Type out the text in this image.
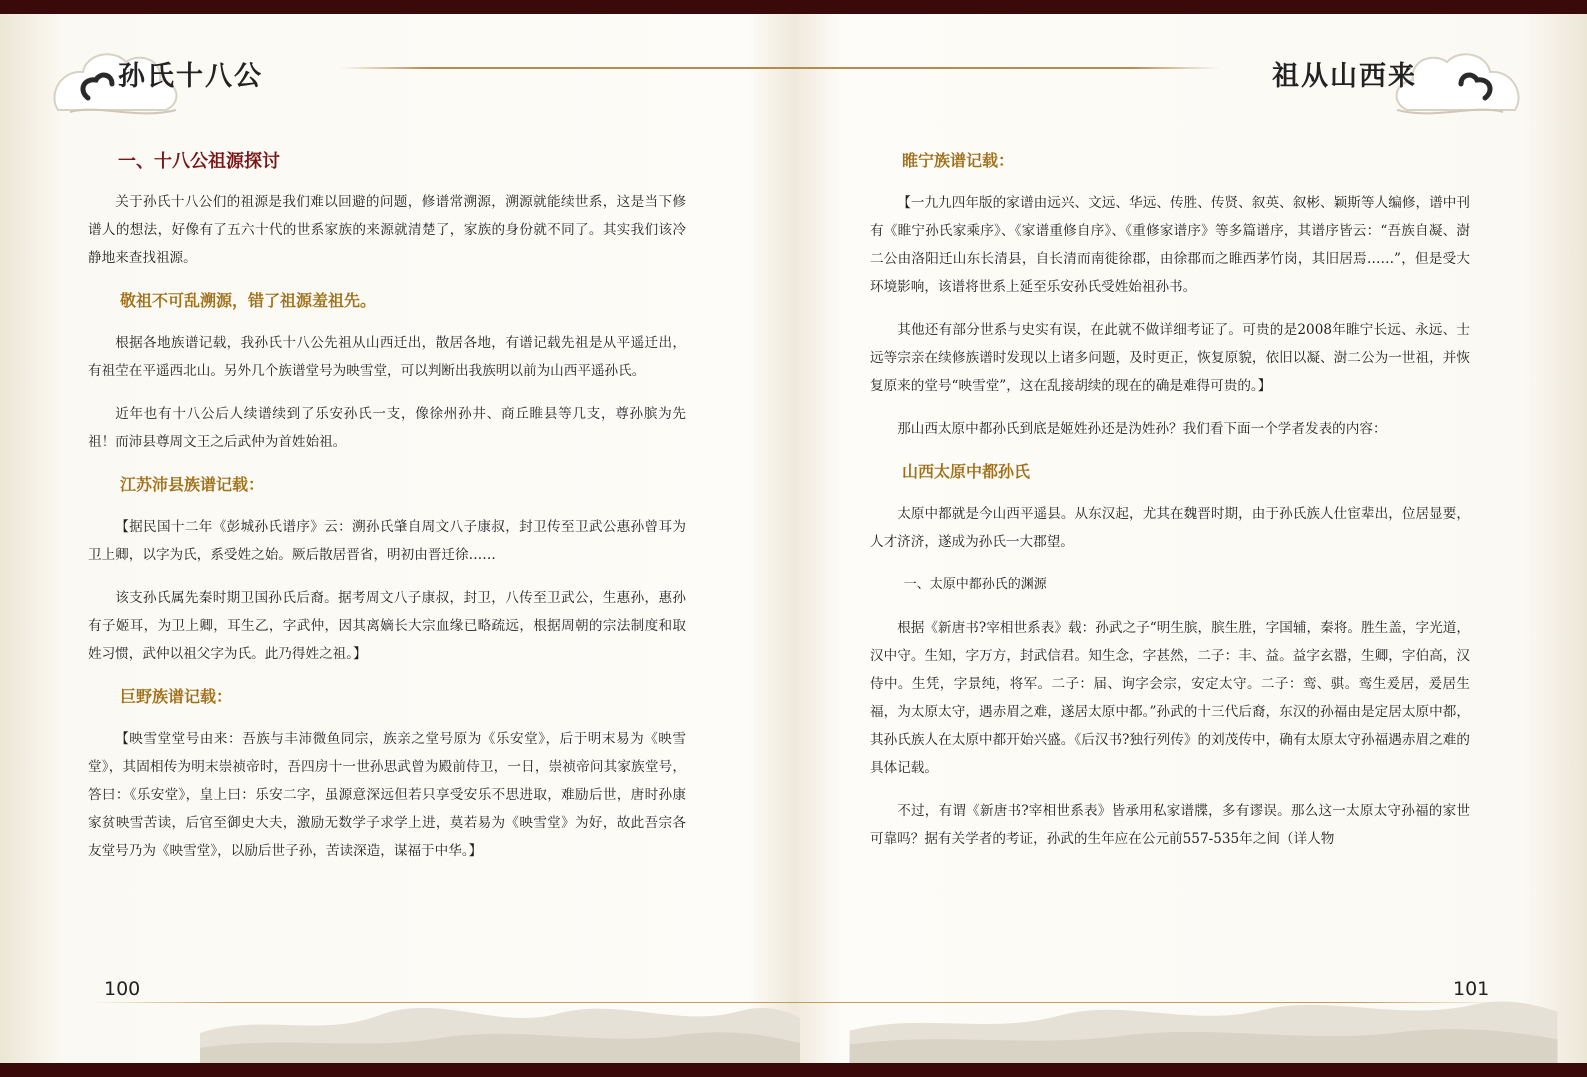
孙氏十八公	祖从山西来
100	101
一、十八公祖源探讨

关于孙氏十八公们的祖源是我们难以回避的问题，修谱常溯源，溯源就能续世系，这是当下修谱人的想法，好像有了五六十代的世系家族的来源就清楚了，家族的身份就不同了。其实我们该冷静地来查找祖源。

敬祖不可乱溯源，错了祖源羞祖先。

根据各地族谱记载，我孙氏十八公先祖从山西迁出，散居各地，有谱记载先祖是从平遥迁出，有祖茔在平遥西北山。另外几个族谱堂号为映雪堂，可以判断出我族明以前为山西平遥孙氏。

近年也有十八公后人续谱续到了乐安孙氏一支，像徐州孙井、商丘睢县等几支，尊孙膑为先祖！而沛县尊周文王之后武仲为首姓始祖。

江苏沛县族谱记载：

【据民国十二年《彭城孙氏谱序》云：溯孙氏肇自周文八子康叔，封卫传至卫武公惠孙曾耳为卫上卿，以字为氏，系受姓之始。厥后散居晋省，明初由晋迁徐……

该支孙氏属先秦时期卫国孙氏后裔。据考周文八子康叔，封卫，八传至卫武公，生惠孙，惠孙有子姬耳，为卫上卿，耳生乙，字武仲，因其离嫡长大宗血缘已略疏远，根据周朝的宗法制度和取姓习惯，武仲以祖父字为氏。此乃得姓之祖。】

巨野族谱记载：

【映雪堂堂号由来：吾族与丰沛微鱼同宗，族亲之堂号原为《乐安堂》，后于明末易为《映雪堂》，其固相传为明末崇祯帝时，吾四房十一世孙思武曾为殿前侍卫，一日，崇祯帝问其家族堂号，答曰：《乐安堂》，皇上曰：乐安二字，虽源意深远但若只享受安乐不思进取，难励后世，唐时孙康家贫映雪苦读，后官至御史大夫，激励无数学子求学上进，莫若易为《映雪堂》为好，故此吾宗各友堂号乃为《映雪堂》，以励后世子孙，苦读深造，谋福于中华。】

睢宁族谱记载：

【一九九四年版的家谱由远兴、文远、华远、传胜、传贤、叙英、叙彬、颖斯等人编修，谱中刊有《睢宁孙氏家乘序》、《家谱重修自序》、《重修家谱序》等多篇谱序，其谱序皆云：“吾族自凝、澍二公由洛阳迁山东长清县，自长清而南徙徐郡，由徐郡而之睢西茅竹岗，其旧居焉……”，但是受大环境影响，该谱将世系上延至乐安孙氏受姓始祖孙书。

其他还有部分世系与史实有误，在此就不做详细考证了。可贵的是2008年睢宁长远、永远、士远等宗亲在续修族谱时发现以上诸多问题，及时更正，恢复原貌，依旧以凝、澍二公为一世祖，并恢复原来的堂号“映雪堂”，这在乱接胡续的现在的确是难得可贵的。】

那山西太原中都孙氏到底是姬姓孙还是沩姓孙？我们看下面一个学者发表的内容：

山西太原中都孙氏

太原中都就是今山西平遥县。从东汉起，尤其在魏晋时期，由于孙氏族人仕宦辈出，位居显要，人才济济，遂成为孙氏一大郡望。

一、太原中都孙氏的渊源

根据《新唐书?宰相世系表》载：孙武之子“明生膑，膑生胜，字国辅，秦将。胜生盖，字光道，汉中守。生知，字万方，封武信君。知生念，字甚然，二子：丰、益。益字玄嚣，生卿，字伯高，汉侍中。生凭，字景纯，将军。二子：届、询字会宗，安定太守。二子：鸾、骐。鸾生爰居，爰居生福，为太原太守，遇赤眉之难，遂居太原中都。”孙武的十三代后裔，东汉的孙福由是定居太原中都，其孙氏族人在太原中都开始兴盛。《后汉书?独行列传》的刘茂传中，确有太原太守孙福遇赤眉之难的具体记载。

不过，有谓《新唐书?宰相世系表》皆承用私家谱牒，多有谬误。那么这一太原太守孙福的家世可靠吗？据有关学者的考证，孙武的生年应在公元前557-535年之间（详人物
